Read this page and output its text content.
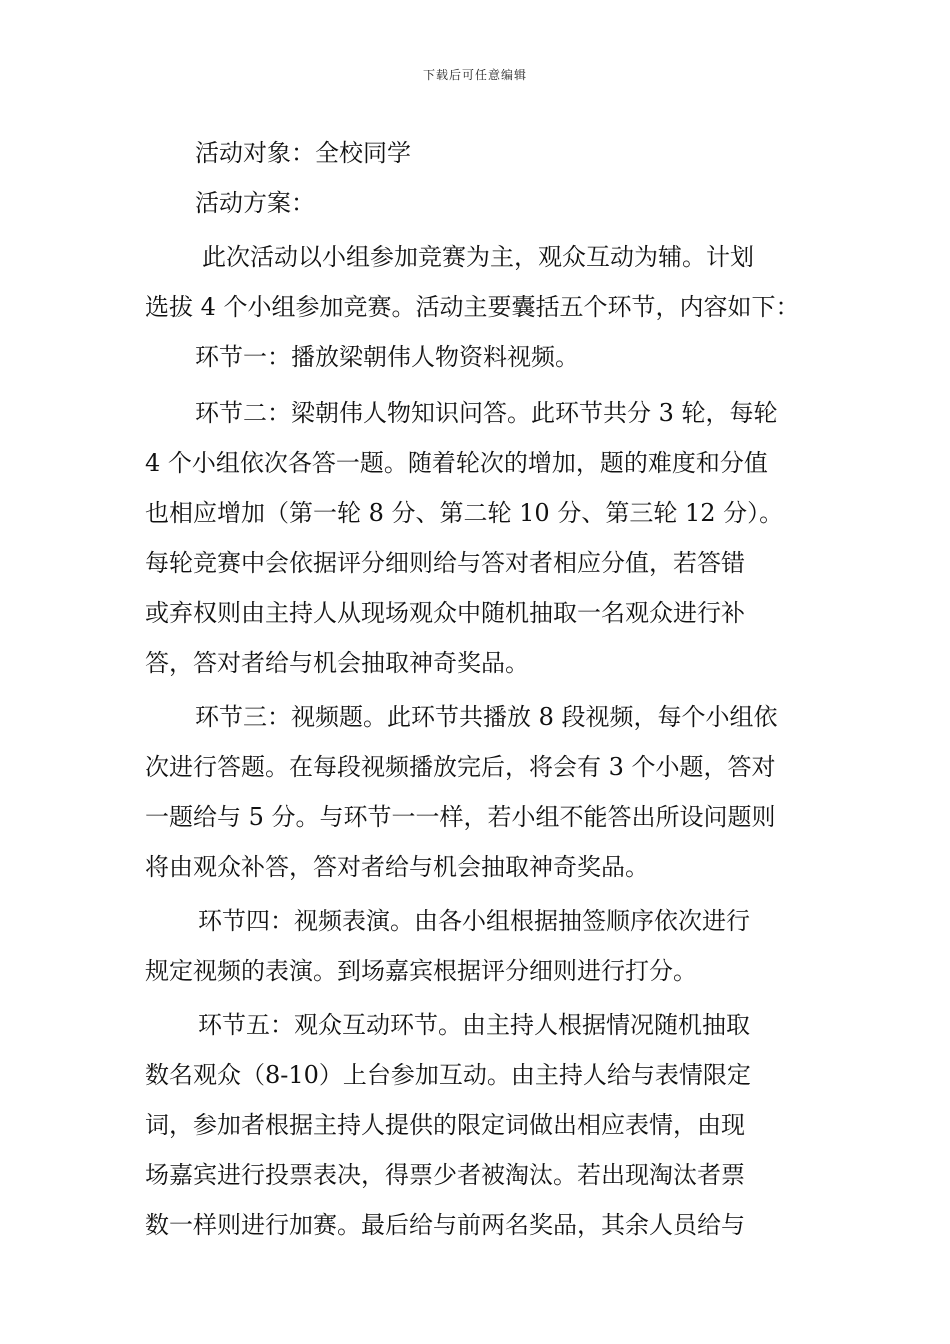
下载后可任意编辑
活动对象：全校同学
活动方案：
此次活动以小组参加竞赛为主，观众互动为辅。计划
选拔 4 个小组参加竞赛。活动主要囊括五个环节，内容如下：
环节一：播放梁朝伟人物资料视频。
环节二：梁朝伟人物知识问答。此环节共分 3 轮，每轮
4 个小组依次各答一题。随着轮次的增加，题的难度和分值
也相应增加（第一轮 8 分、第二轮 10 分、第三轮 12 分）。
每轮竞赛中会依据评分细则给与答对者相应分值，若答错
或弃权则由主持人从现场观众中随机抽取一名观众进行补
答，答对者给与机会抽取神奇奖品。
环节三：视频题。此环节共播放 8 段视频，每个小组依
次进行答题。在每段视频播放完后，将会有 3 个小题，答对
一题给与 5 分。与环节一一样，若小组不能答出所设问题则
将由观众补答，答对者给与机会抽取神奇奖品。
环节四：视频表演。由各小组根据抽签顺序依次进行
规定视频的表演。到场嘉宾根据评分细则进行打分。
环节五：观众互动环节。由主持人根据情况随机抽取
数名观众（8-10）上台参加互动。由主持人给与表情限定
词，参加者根据主持人提供的限定词做出相应表情，由现
场嘉宾进行投票表决，得票少者被淘汰。若出现淘汰者票
数一样则进行加赛。最后给与前两名奖品，其余人员给与
